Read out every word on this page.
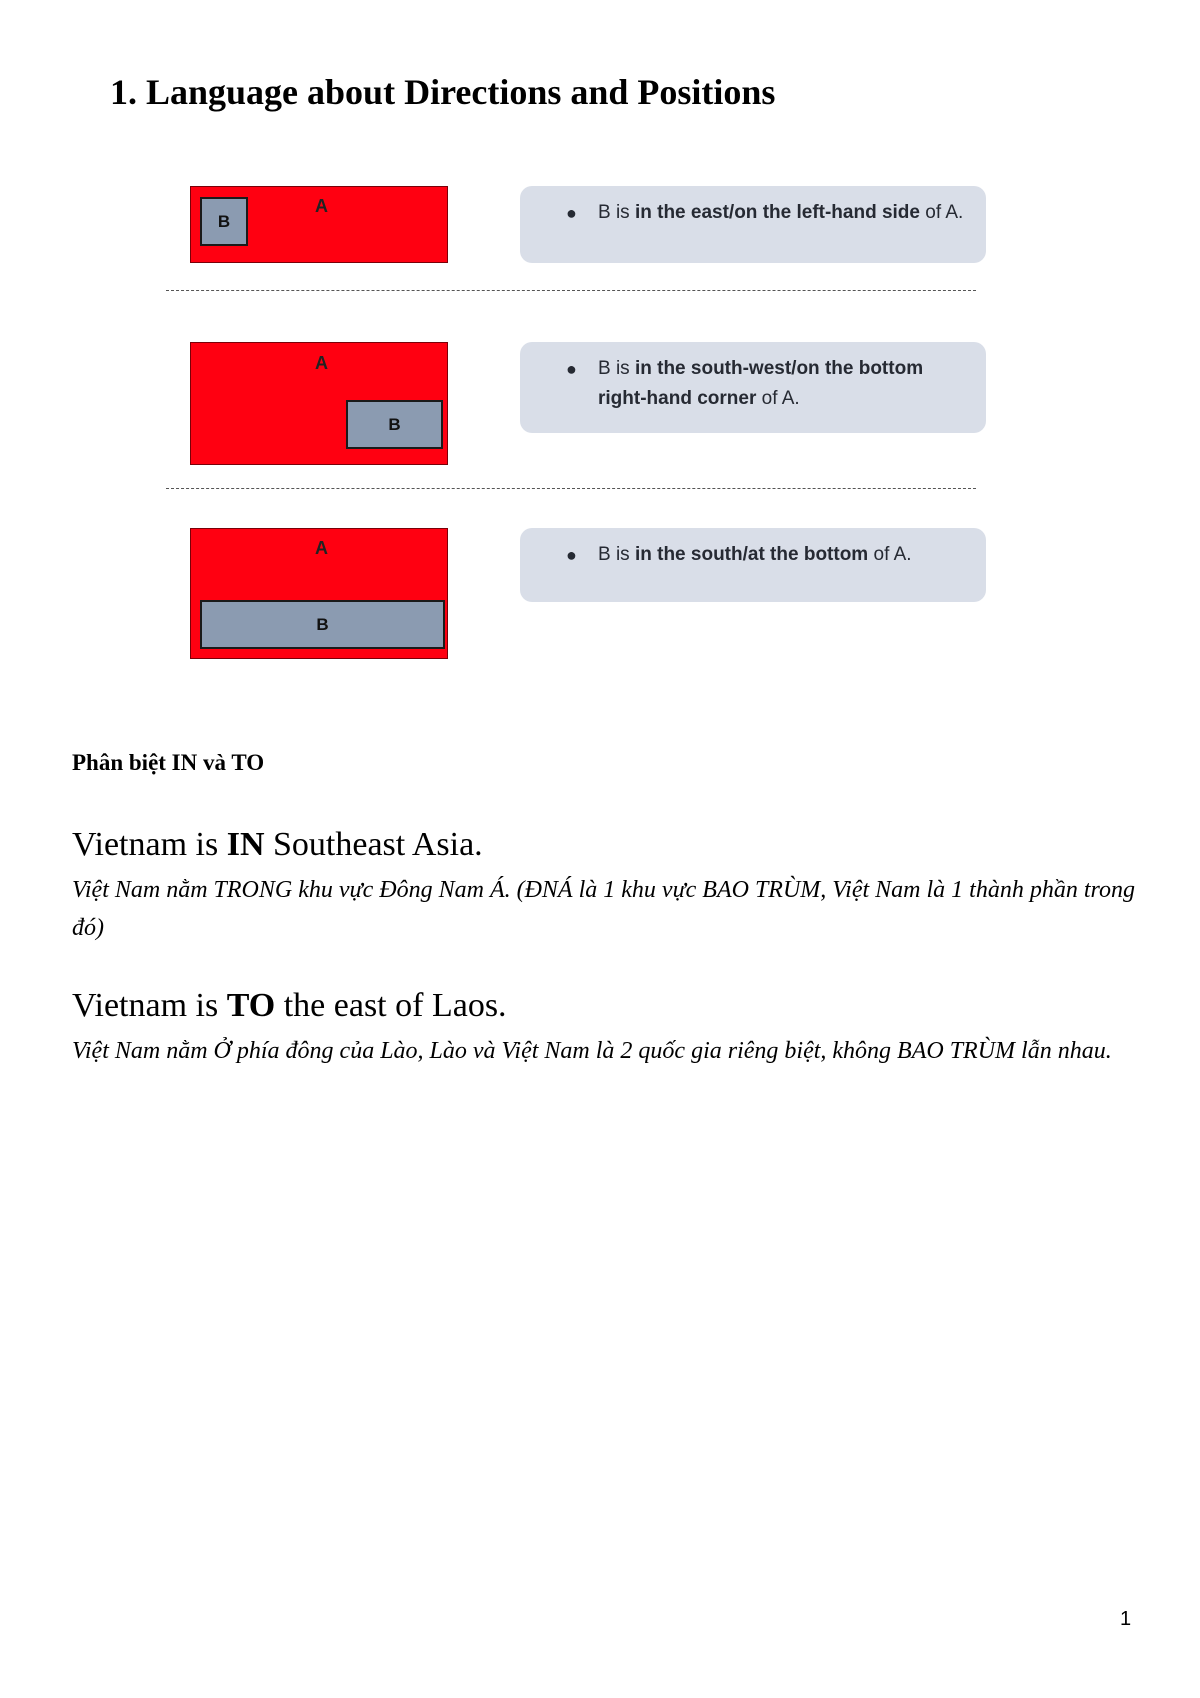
1. Language about Directions and Positions
A
B	●	B is in the east/on the left-hand side of A.
A
B
●	B is in the south-west/on the bottom right-hand corner of A.
A
B
●	B is in the south/at the bottom of A.
Phân biệt IN và TO
Vietnam is IN Southeast Asia.
Việt Nam nằm TRONG khu vực Đông Nam Á. (ĐNÁ là 1 khu vực BAO TRÙM, Việt Nam là 1 thành phần trong đó)
Vietnam is TO the east of Laos.
Việt Nam nằm Ở phía đông của Lào, Lào và Việt Nam là 2 quốc gia riêng biệt, không BAO TRÙM lẫn nhau.
1
